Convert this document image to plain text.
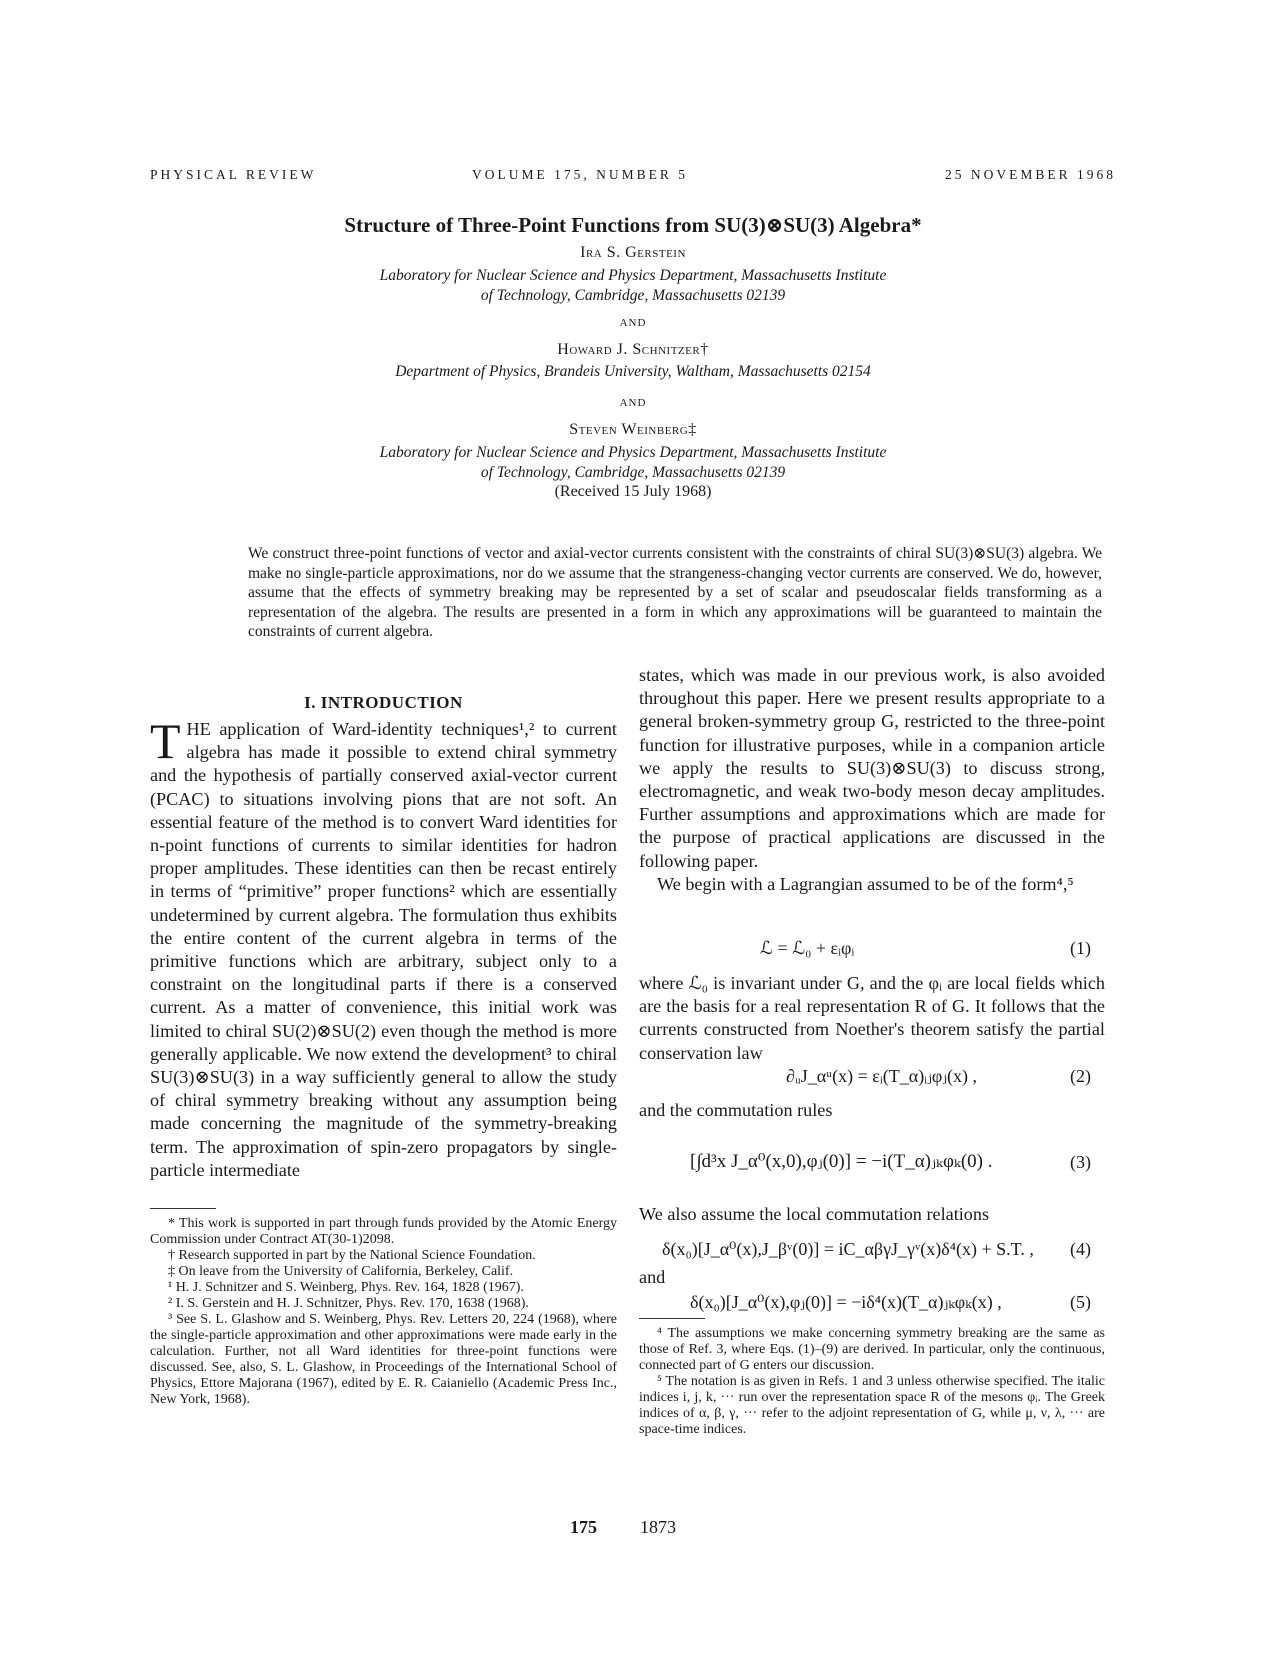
PHYSICAL REVIEW	VOLUME 175, NUMBER 5	25 NOVEMBER 1968
Structure of Three-Point Functions from SU(3)⊗SU(3) Algebra*
Ira S. Gerstein
Laboratory for Nuclear Science and Physics Department, Massachusetts Institute
of Technology, Cambridge, Massachusetts 02139
AND
Howard J. Schnitzer†
Department of Physics, Brandeis University, Waltham, Massachusetts 02154
AND
Steven Weinberg‡
Laboratory for Nuclear Science and Physics Department, Massachusetts Institute
of Technology, Cambridge, Massachusetts 02139
(Received 15 July 1968)
We construct three-point functions of vector and axial-vector currents consistent with the constraints of chiral SU(3)⊗SU(3) algebra. We make no single-particle approximations, nor do we assume that the strangeness-changing vector currents are conserved. We do, however, assume that the effects of symmetry breaking may be represented by a set of scalar and pseudoscalar fields transforming as a representation of the algebra. The results are presented in a form in which any approximations will be guaranteed to maintain the constraints of current algebra.
I. INTRODUCTION
T HE application of Ward-identity techniques¹,² to current algebra has made it possible to extend chiral symmetry and the hypothesis of partially conserved axial-vector current (PCAC) to situations involving pions that are not soft. An essential feature of the method is to convert Ward identities for n-point functions of currents to similar identities for hadron proper amplitudes. These identities can then be recast entirely in terms of “primitive” proper functions² which are essentially undetermined by current algebra. The formulation thus exhibits the entire content of the current algebra in terms of the primitive functions which are arbitrary, subject only to a constraint on the longitudinal parts if there is a conserved current. As a matter of convenience, this initial work was limited to chiral SU(2)⊗SU(2) even though the method is more generally applicable. We now extend the development³ to chiral SU(3)⊗SU(3) in a way sufficiently general to allow the study of chiral symmetry breaking without any assumption being made concerning the magnitude of the symmetry-breaking term. The approximation of spin-zero propagators by single-particle intermediate

* This work is supported in part through funds provided by the Atomic Energy Commission under Contract AT(30-1)2098.

† Research supported in part by the National Science Foundation.

‡ On leave from the University of California, Berkeley, Calif.

¹ H. J. Schnitzer and S. Weinberg, Phys. Rev. 164, 1828 (1967).

² I. S. Gerstein and H. J. Schnitzer, Phys. Rev. 170, 1638 (1968).

³ See S. L. Glashow and S. Weinberg, Phys. Rev. Letters 20, 224 (1968), where the single-particle approximation and other approximations were made early in the calculation. Further, not all Ward identities for three-point functions were discussed. See, also, S. L. Glashow, in Proceedings of the International School of Physics, Ettore Majorana (1967), edited by E. R. Caianiello (Academic Press Inc., New York, 1968).

states, which was made in our previous work, is also avoided throughout this paper. Here we present results appropriate to a general broken-symmetry group G, restricted to the three-point function for illustrative purposes, while in a companion article we apply the results to SU(3)⊗SU(3) to discuss strong, electromagnetic, and weak two-body meson decay amplitudes. Further assumptions and approximations which are made for the purpose of practical applications are discussed in the following paper.

We begin with a Lagrangian assumed to be of the form⁴,⁵

ℒ = ℒ₀ + εᵢφᵢ	(1)
where ℒ₀ is invariant under G, and the φᵢ are local fields which are the basis for a real representation R of G. It follows that the currents constructed from Noether's theorem satisfy the partial conservation law
∂ᵤJ_αᵘ(x) = εᵢ(T_α)ᵢⱼφⱼ(x) ,	(2)
and the commutation rules
[∫d³x J_α⁰(x,0),φⱼ(0)] = −i(T_α)ⱼₖφₖ(0) .	(3)
We also assume the local commutation relations
δ(x₀)[J_α⁰(x),J_βᵛ(0)] = iC_αβγJ_γᵛ(x)δ⁴(x) + S.T. , (4)
and
δ(x₀)[J_α⁰(x),φⱼ(0)] = −iδ⁴(x)(T_α)ⱼₖφₖ(x) ,	(5)

⁴ The assumptions we make concerning symmetry breaking are the same as those of Ref. 3, where Eqs. (1)–(9) are derived. In particular, only the continuous, connected part of G enters our discussion.

⁵ The notation is as given in Refs. 1 and 3 unless otherwise specified. The italic indices i, j, k, ··· run over the representation space R of the mesons φᵢ. The Greek indices of α, β, γ, ··· refer to the adjoint representation of G, while μ, ν, λ, ··· are space-time indices.

175 1873
